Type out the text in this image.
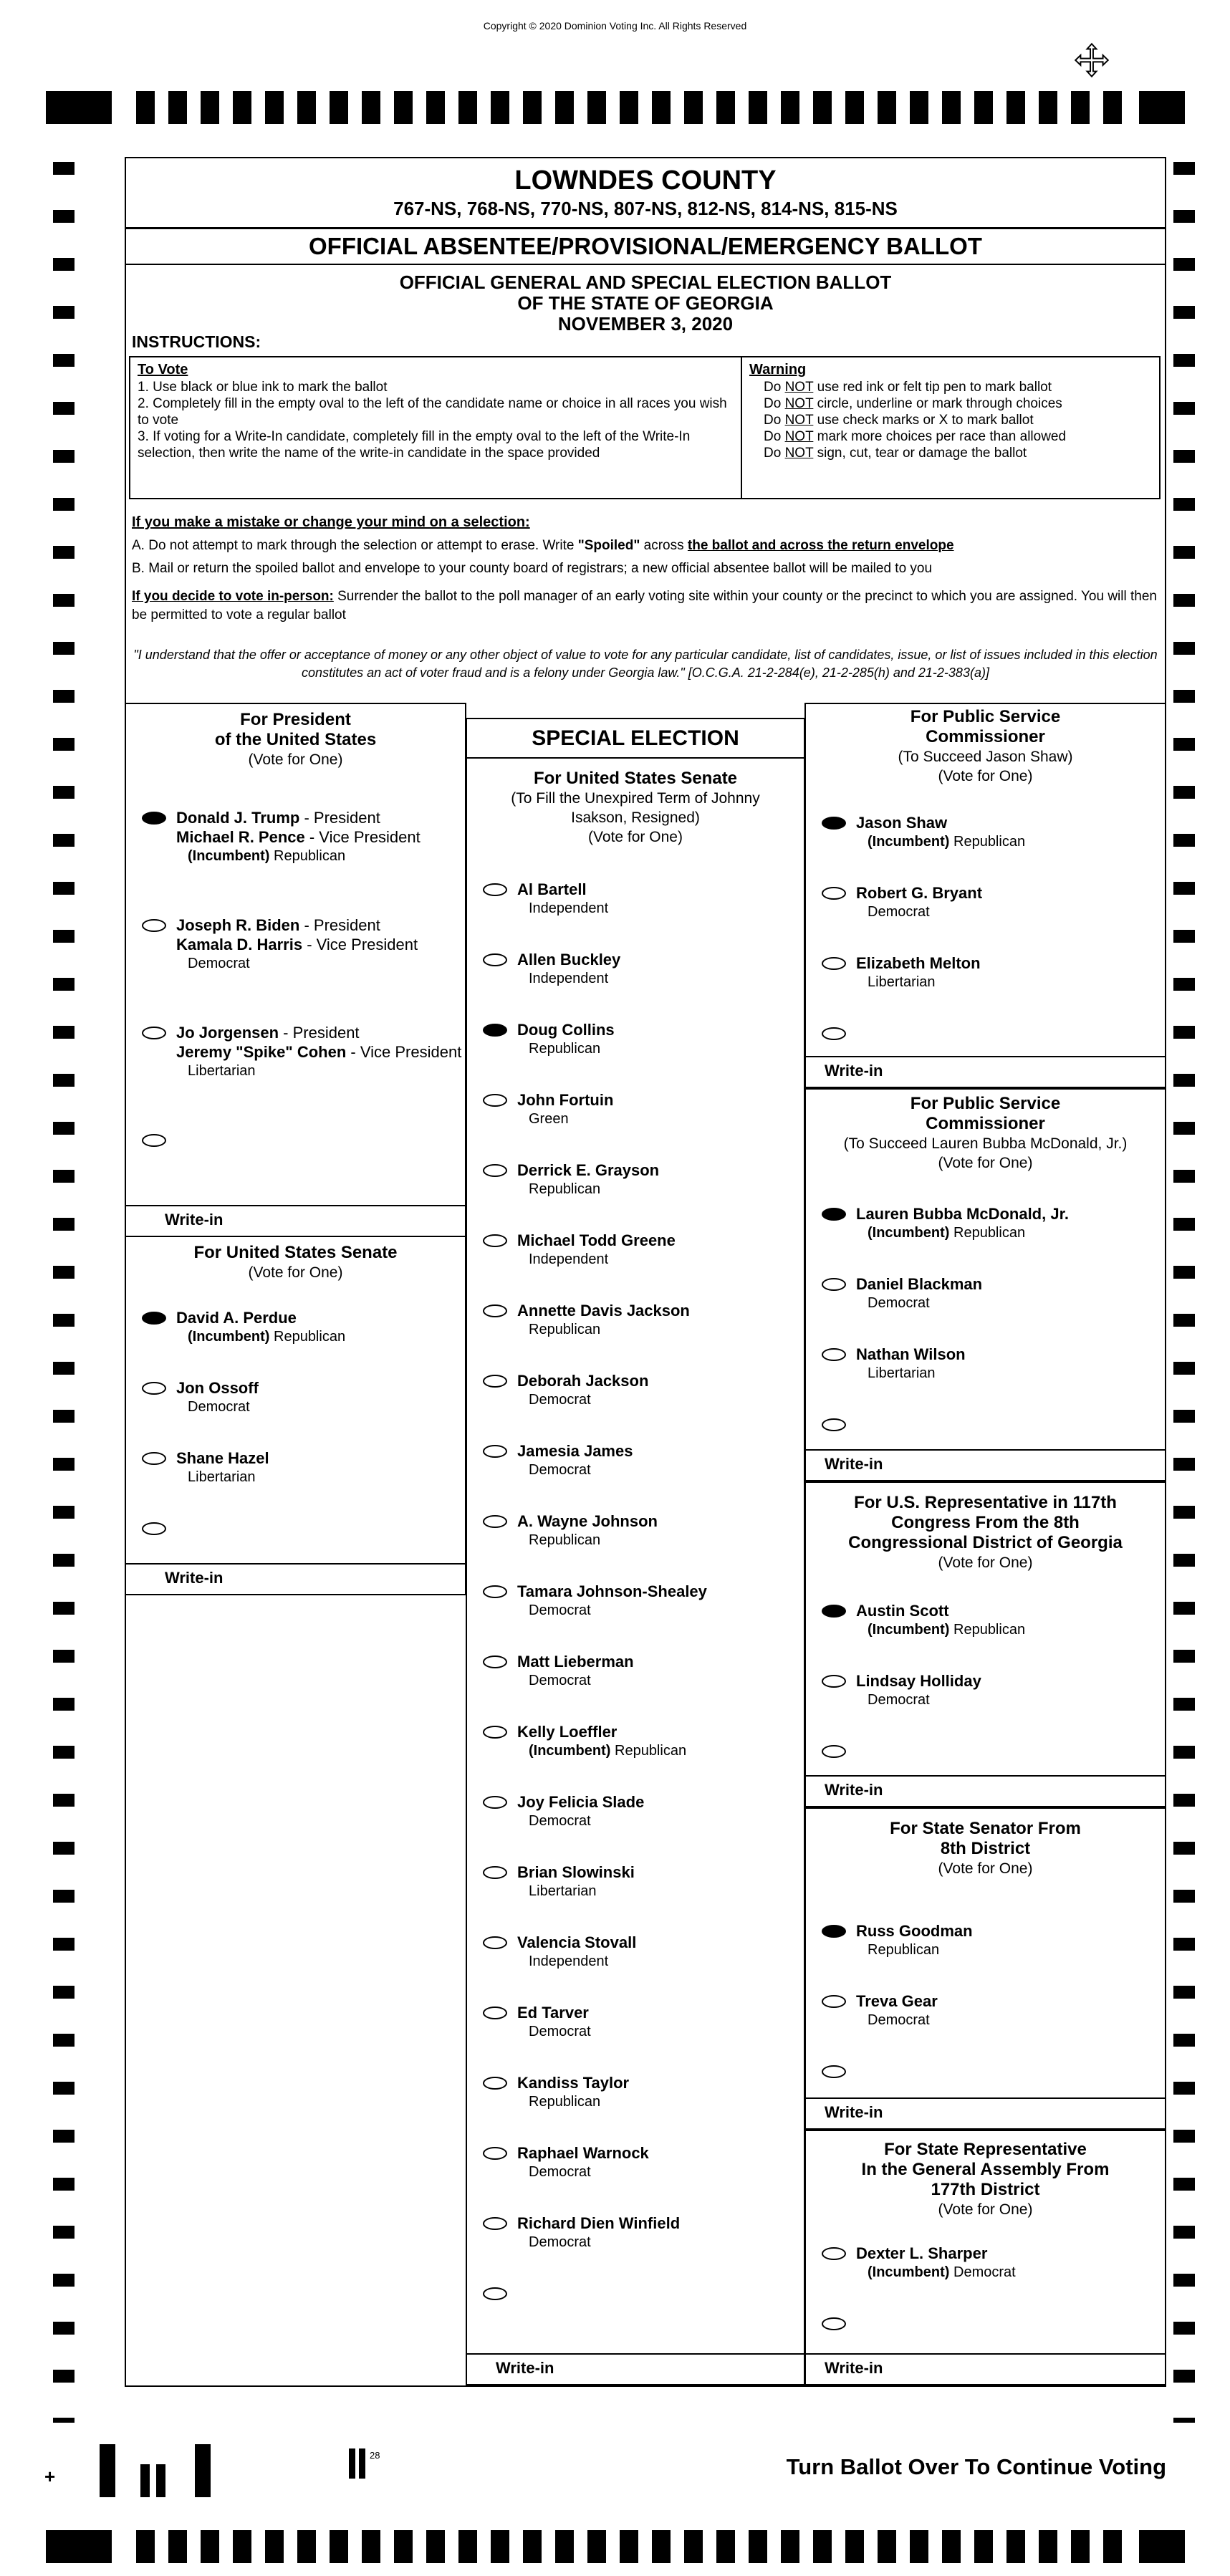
Copyright © 2020 Dominion Voting Inc. All Rights Reserved
LOWNDES COUNTY
767-NS, 768-NS, 770-NS, 807-NS, 812-NS, 814-NS, 815-NS
OFFICIAL ABSENTEE/PROVISIONAL/EMERGENCY BALLOT
OFFICIAL GENERAL AND SPECIAL ELECTION BALLOT
OF THE STATE OF GEORGIA
NOVEMBER 3, 2020
INSTRUCTIONS:
To Vote
1. Use black or blue ink to mark the ballot
2. Completely fill in the empty oval to the left of the candidate name or choice in all races you wish to vote
3. If voting for a Write-In candidate, completely fill in the empty oval to the left of the Write-In selection, then write the name of the write-in candidate in the space provided
Warning
Do NOT use red ink or felt tip pen to mark ballot
Do NOT circle, underline or mark through choices
Do NOT use check marks or X to mark ballot
Do NOT mark more choices per race than allowed
Do NOT sign, cut, tear or damage the ballot
If you make a mistake or change your mind on a selection:
A. Do not attempt to mark through the selection or attempt to erase. Write "Spoiled" across the ballot and across the return envelope
B. Mail or return the spoiled ballot and envelope to your county board of registrars; a new official absentee ballot will be mailed to you
If you decide to vote in-person: Surrender the ballot to the poll manager of an early voting site within your county or the precinct to which you are assigned. You will then be permitted to vote a regular ballot
"I understand that the offer or acceptance of money or any other object of value to vote for any particular candidate, list of candidates, issue, or list of issues included in this election constitutes an act of voter fraud and is a felony under Georgia law." [O.C.G.A. 21-2-284(e), 21-2-285(h) and 21-2-383(a)]
For President
of the United States
(Vote for One)
Donald J. Trump - President
Michael R. Pence - Vice President
(Incumbent) Republican
Joseph R. Biden - President
Kamala D. Harris - Vice President
Democrat
Jo Jorgensen - President
Jeremy "Spike" Cohen - Vice President
Libertarian
Write-in
For United States Senate
(Vote for One)
David A. Perdue
(Incumbent) Republican
Jon Ossoff
Democrat
Shane Hazel
Libertarian
Write-in
SPECIAL ELECTION
For United States Senate
(To Fill the Unexpired Term of Johnny
Isakson, Resigned)
(Vote for One)
Al Bartell
Independent
Allen Buckley
Independent
Doug Collins
Republican
John Fortuin
Green
Derrick E. Grayson
Republican
Michael Todd Greene
Independent
Annette Davis Jackson
Republican
Deborah Jackson
Democrat
Jamesia James
Democrat
A. Wayne Johnson
Republican
Tamara Johnson-Shealey
Democrat
Matt Lieberman
Democrat
Kelly Loeffler
(Incumbent) Republican
Joy Felicia Slade
Democrat
Brian Slowinski
Libertarian
Valencia Stovall
Independent
Ed Tarver
Democrat
Kandiss Taylor
Republican
Raphael Warnock
Democrat
Richard Dien Winfield
Democrat
Write-in
For Public Service
Commissioner
(To Succeed Jason Shaw)
(Vote for One)
Jason Shaw
(Incumbent) Republican
Robert G. Bryant
Democrat
Elizabeth Melton
Libertarian
Write-in
For Public Service
Commissioner
(To Succeed Lauren Bubba McDonald, Jr.)
(Vote for One)
Lauren Bubba McDonald, Jr.
(Incumbent) Republican
Daniel Blackman
Democrat
Nathan Wilson
Libertarian
Write-in
For U.S. Representative in 117th
Congress From the 8th
Congressional District of Georgia
(Vote for One)
Austin Scott
(Incumbent) Republican
Lindsay Holliday
Democrat
Write-in
For State Senator From
8th District
(Vote for One)
Russ Goodman
Republican
Treva Gear
Democrat
Write-in
For State Representative
In the General Assembly From
177th District
(Vote for One)
Dexter L. Sharper
(Incumbent) Democrat
Write-in
28
+	Turn Ballot Over To Continue Voting
